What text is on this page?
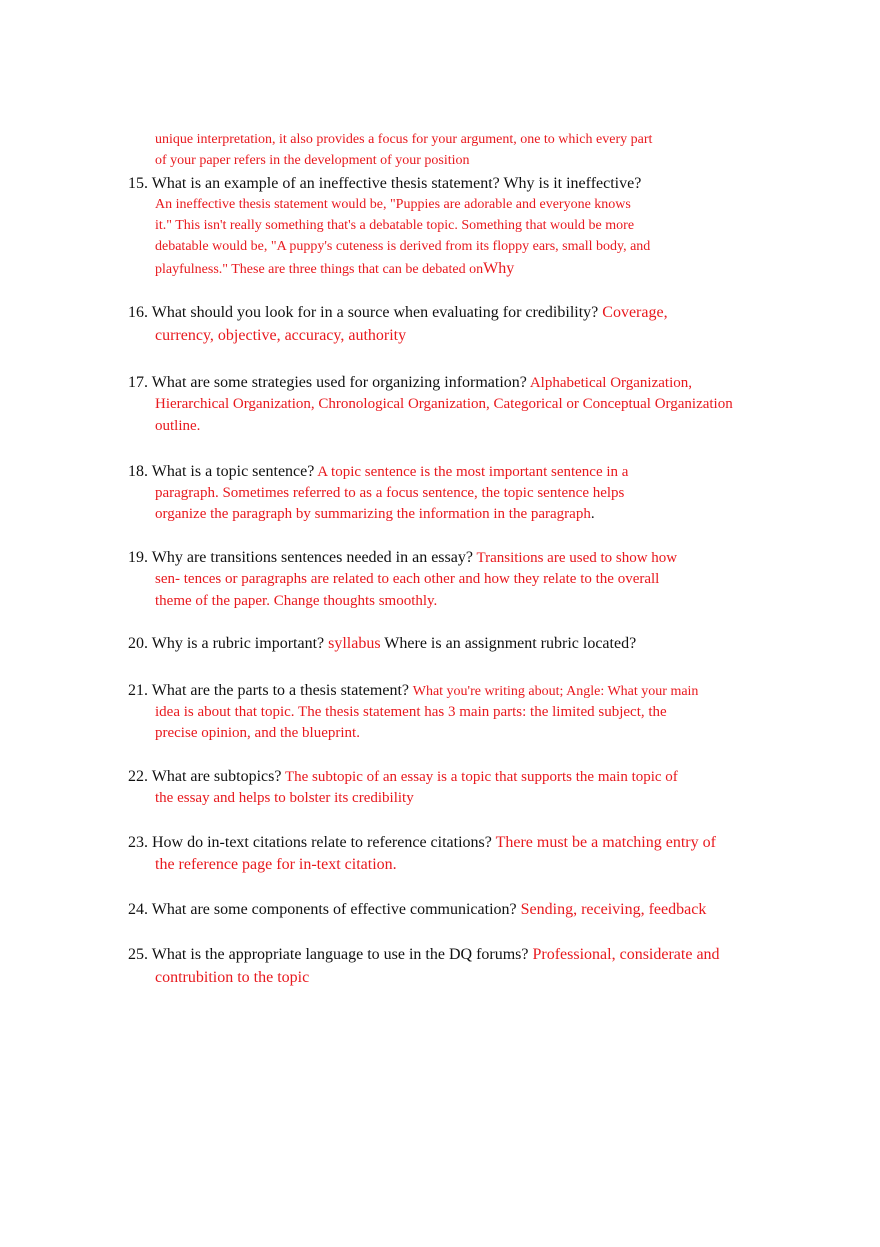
unique interpretation, it also provides a focus for your argument, one to which every part
of your paper refers in the development of your position
15. What is an example of an ineffective thesis statement? Why is it ineffective?
An ineffective thesis statement would be, "Puppies are adorable and everyone knows
it." This isn't really something that's a debatable topic. Something that would be more
debatable would be, "A puppy's cuteness is derived from its floppy ears, small body, and
playfulness." These are three things that can be debated onWhy
16. What should you look for in a source when evaluating for credibility? Coverage,
currency, objective, accuracy, authority
17. What are some strategies used for organizing information? Alphabetical Organization,
Hierarchical Organization, Chronological Organization, Categorical or Conceptual Organization
outline.
18. What is a topic sentence? A topic sentence is the most important sentence in a
paragraph. Sometimes referred to as a focus sentence, the topic sentence helps
organize the paragraph by summarizing the information in the paragraph.
19. Why are transitions sentences needed in an essay? Transitions are used to show how
sen- tences or paragraphs are related to each other and how they relate to the overall
theme of the paper. Change thoughts smoothly.
20. Why is a rubric important? syllabus Where is an assignment rubric located?
21. What are the parts to a thesis statement? What you're writing about; Angle: What your main
idea is about that topic. The thesis statement has 3 main parts: the limited subject, the
precise opinion, and the blueprint.
22. What are subtopics? The subtopic of an essay is a topic that supports the main topic of
the essay and helps to bolster its credibility
23. How do in-text citations relate to reference citations? There must be a matching entry of
the reference page for in-text citation.
24. What are some components of effective communication? Sending, receiving, feedback
25. What is the appropriate language to use in the DQ forums? Professional, considerate and
contrubition to the topic
